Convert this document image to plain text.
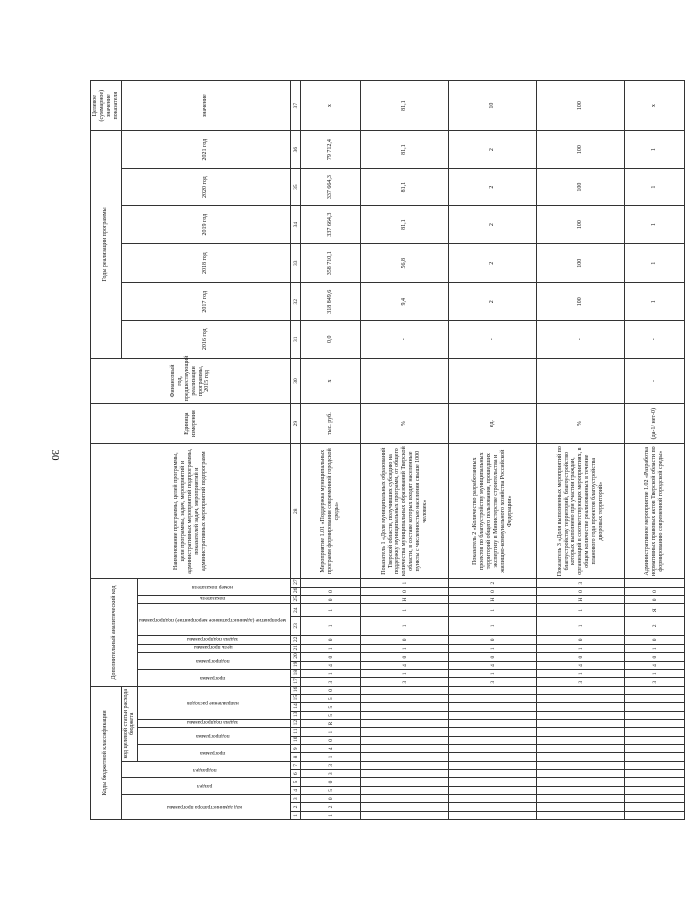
30
Коды бюджетной классификации																Дополнительный аналитический код											Наименование программы, целей программы, цели программы, задач, мероприятий и административных мероприятий подпрограммы, показателей задач, мероприятий и административных мероприятий подпрограмм	Единица измерения	Финансовый год, предшествующий реализации программы, 2015 год	Годы реализации программы						Целевое (суммарное) значение показателя
код администратора программы			раздел		подраздел		код целевой статьи расхода бюджета																							2016 год	2017 год	2018 год	2019 год	2020 год	2021 год	значение
							программа		подпрограмма		задача подпрограммы	направление расходов				программа		подпрограмма		цель программы	задача подпрограммы	мероприятие (административное мероприятие) подпрограммы		показатель	номер показателя											
1	2	3	4	5	6	7	8	9	10	11	12	13	14	15	16	17	18	19	20	21	22	23	24	25	26	27	28	29	30	31	32	33	34	35	36	37
1	2	0	5	0	3	3	1	4	0	1	R	5	5	5	0	3	1	4	0	1	0	1	1	0	0		Мероприятие 1.01 «Поддержка муниципальных программ формирования современной городской среды»	тыс. руб.	x	0,0	318 849,6	358 710,1	337 664,3	337 664,3	79 712,4	x
																3	1	4	0	1	0	1	1	Н	0	1	Показатель 1 «Доля муниципальных образований Тверской области, получивших субсидию на поддержку муниципальных программ, от общего количества муниципальных образований Тверской области, в составе которых входят населенные пункты с численностью населения свыше 1000 человек»	%		-	9,4	56,8	81,1	81,1	81,1	81,1
																3	1	4	0	1	0	1	1	Н	0	2	Показатель 2 «Количество разработанных проектов по благоустройству муниципальных территорий общего пользования, прошедших экспертизу в Министерстве строительства и жилищно-коммунального хозяйства Российской Федерации»	ед.		-	2	2	2	2	2	10
																3	1	4	0	1	0	1	1	Н	0	3	Показатель 3 «Доля выполненных мероприятий по благоустройству территорий, благоустройство которых выполнено при участии граждан, организаций в соответствующих мероприятиях, в общем количестве реализованных в течение планового года проектов благоустройства дворовых территорий»	%		-	100	100	100	100	100	100
																3	1	4	0	1	0	2	Я	0	0		Административное мероприятие 1.02 «Разработка нормативных правовых актов Тверской области по формированию современной городской среды»	(да-1/ нет-0)	-	-	1	1	1	1	1	x
